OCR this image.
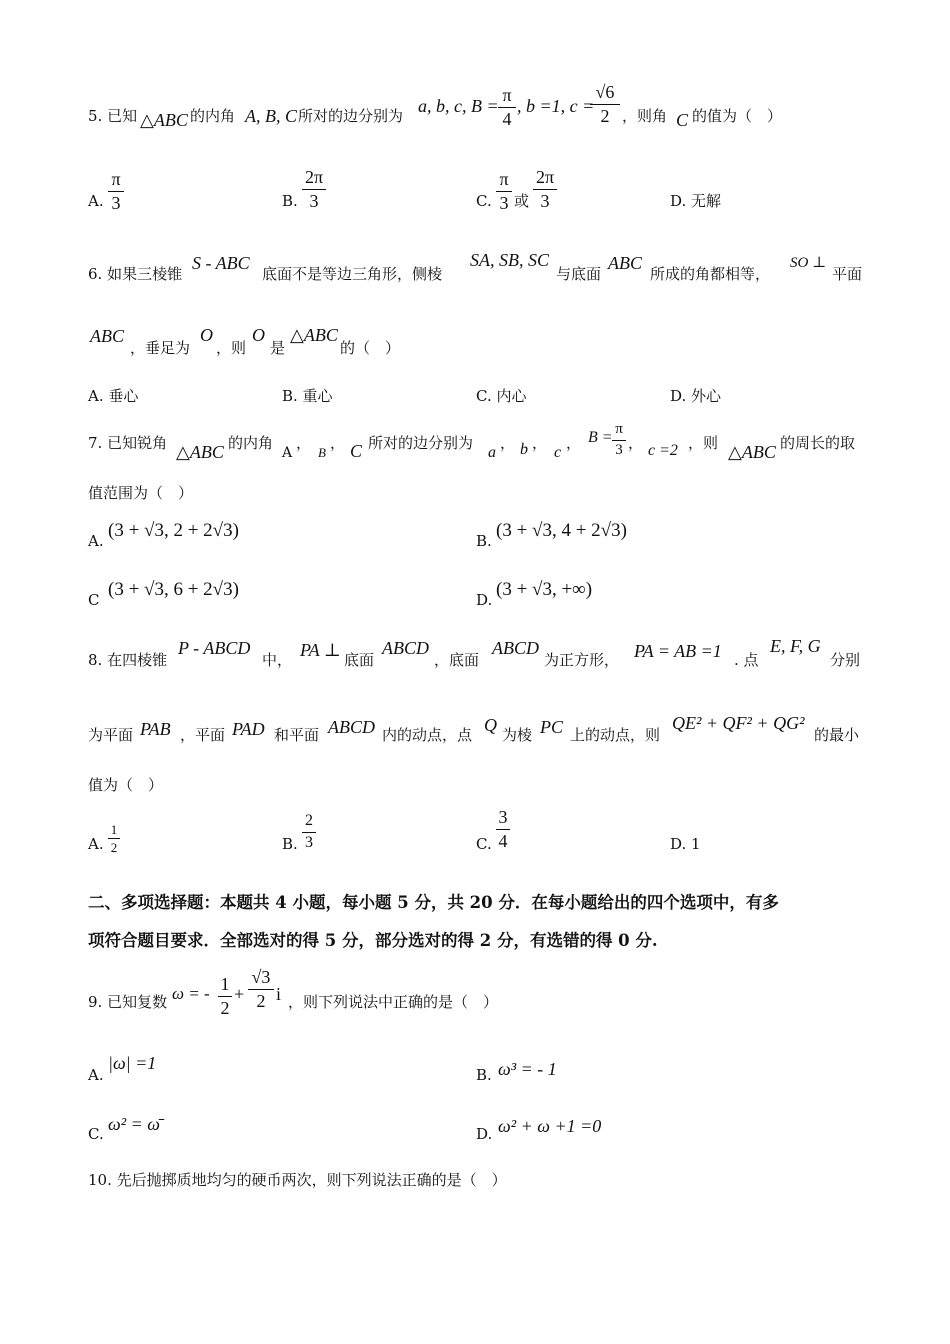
5. 已知 △ABC 的内角 A, B, C 所对的边分别为 a, b, c, B =
π
4
, b =1, c =
√6
2 ，则角 C 的值为（　）
A.
π
3	B.
2π
3	C.
π
3 或
2π
3	D. 无解
6. 如果三棱锥
S - ABC
底面不是等边三角形，侧棱
SA, SB, SC
与底面
ABC
所成的角都相等，
SO ⊥
平面
ABC
，垂足为
O
，则
O
是
△ABC
的（　）
A. 垂心	B. 重心	C. 内心	D. 外心
7. 已知锐角 △ABC 的内角
A
，
B
， C 所对的边分别为
a
， b ，
c
， B = π
3 ， c =2 ，则 △ABC 的周长的取
值范围为（　）
A. (3 + √3, 2 + 2√3)	B. (3 + √3, 4 + 2√3)
C (3 + √3, 6 + 2√3)	D. (3 + √3, +∞)
8. 在四棱锥
P - ABCD
中， PA ⊥ 底面
ABCD
，底面
ABCD
为正方形， PA = AB =1 . 点
E, F, G
分别
为平面 PAB ，平面 PAD 和平面 ABCD 内的动点，点 Q 为棱 PC 上的动点，则
QE² + QF² + QG²
的最小
值为（　）
A.
1
2	B.
2
3	C.
3
4	D. 1
二、多项选择题：本题共 4 小题，每小题 5 分，共 20 分．在每小题给出的四个选项中，有多
项符合题目要求．全部选对的得 5 分，部分选对的得 2 分，有选错的得 0 分.
9. 已知复数 ω = - 1
2
+
√3
2 i ，则下列说法中正确的是（　）
A.
|ω| =1
B. ω³ = - 1
C. ω² = ω̄	D. ω² + ω +1 =0
10. 先后抛掷质地均匀的硬币两次，则下列说法正确的是（　）
